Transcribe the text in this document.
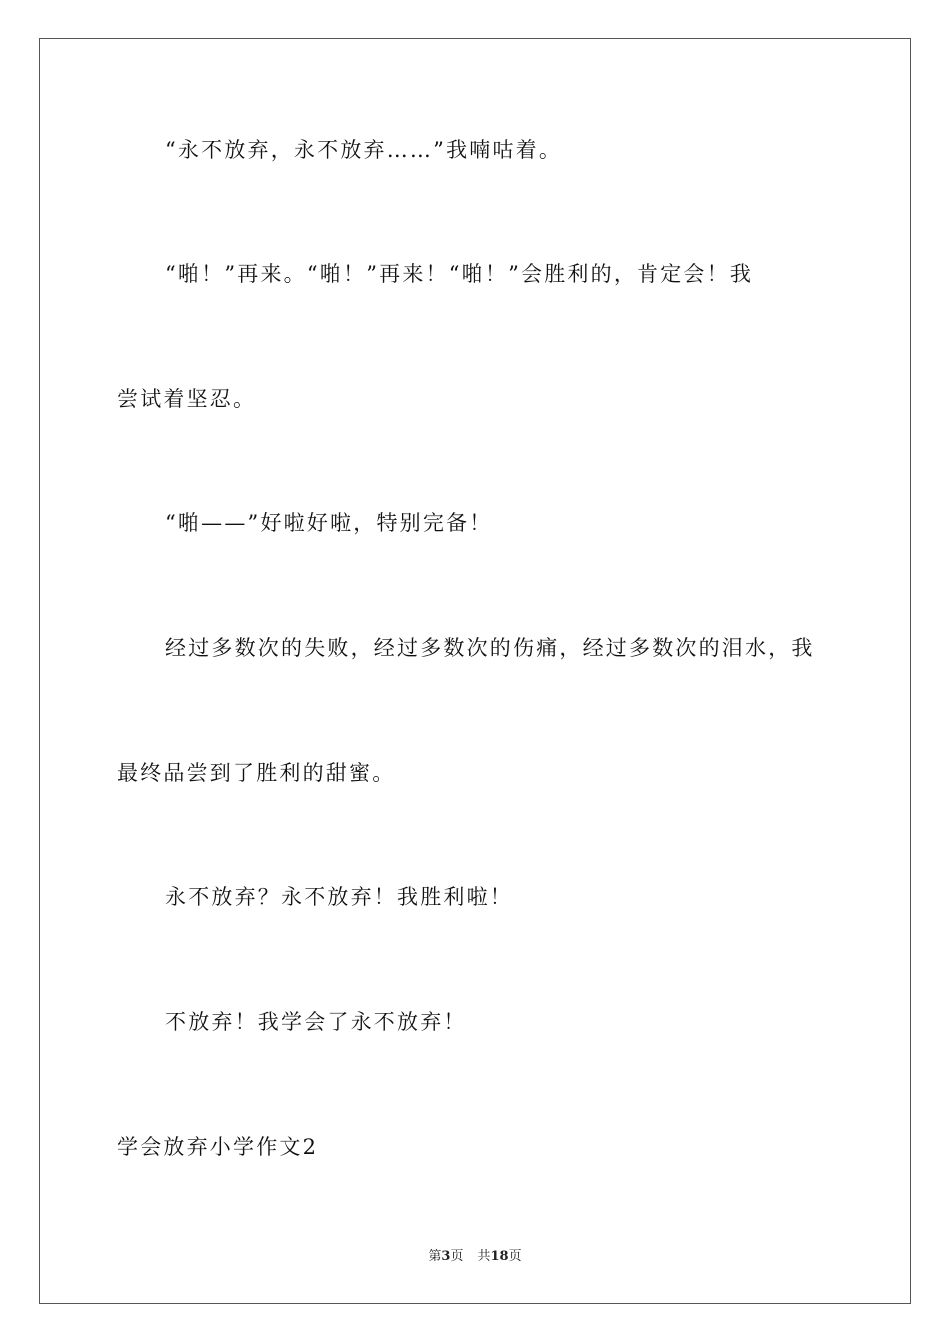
“永不放弃，永不放弃……”我喃咕着。
“啪！”再来。“啪！”再来！“啪！”会胜利的，肯定会！我
尝试着坚忍。
“啪——”好啦好啦，特别完备！
经过多数次的失败，经过多数次的伤痛，经过多数次的泪水，我
最终品尝到了胜利的甜蜜。
永不放弃？永不放弃！我胜利啦！
不放弃！我学会了永不放弃！
学会放弃小学作文2
第3页 共18页
